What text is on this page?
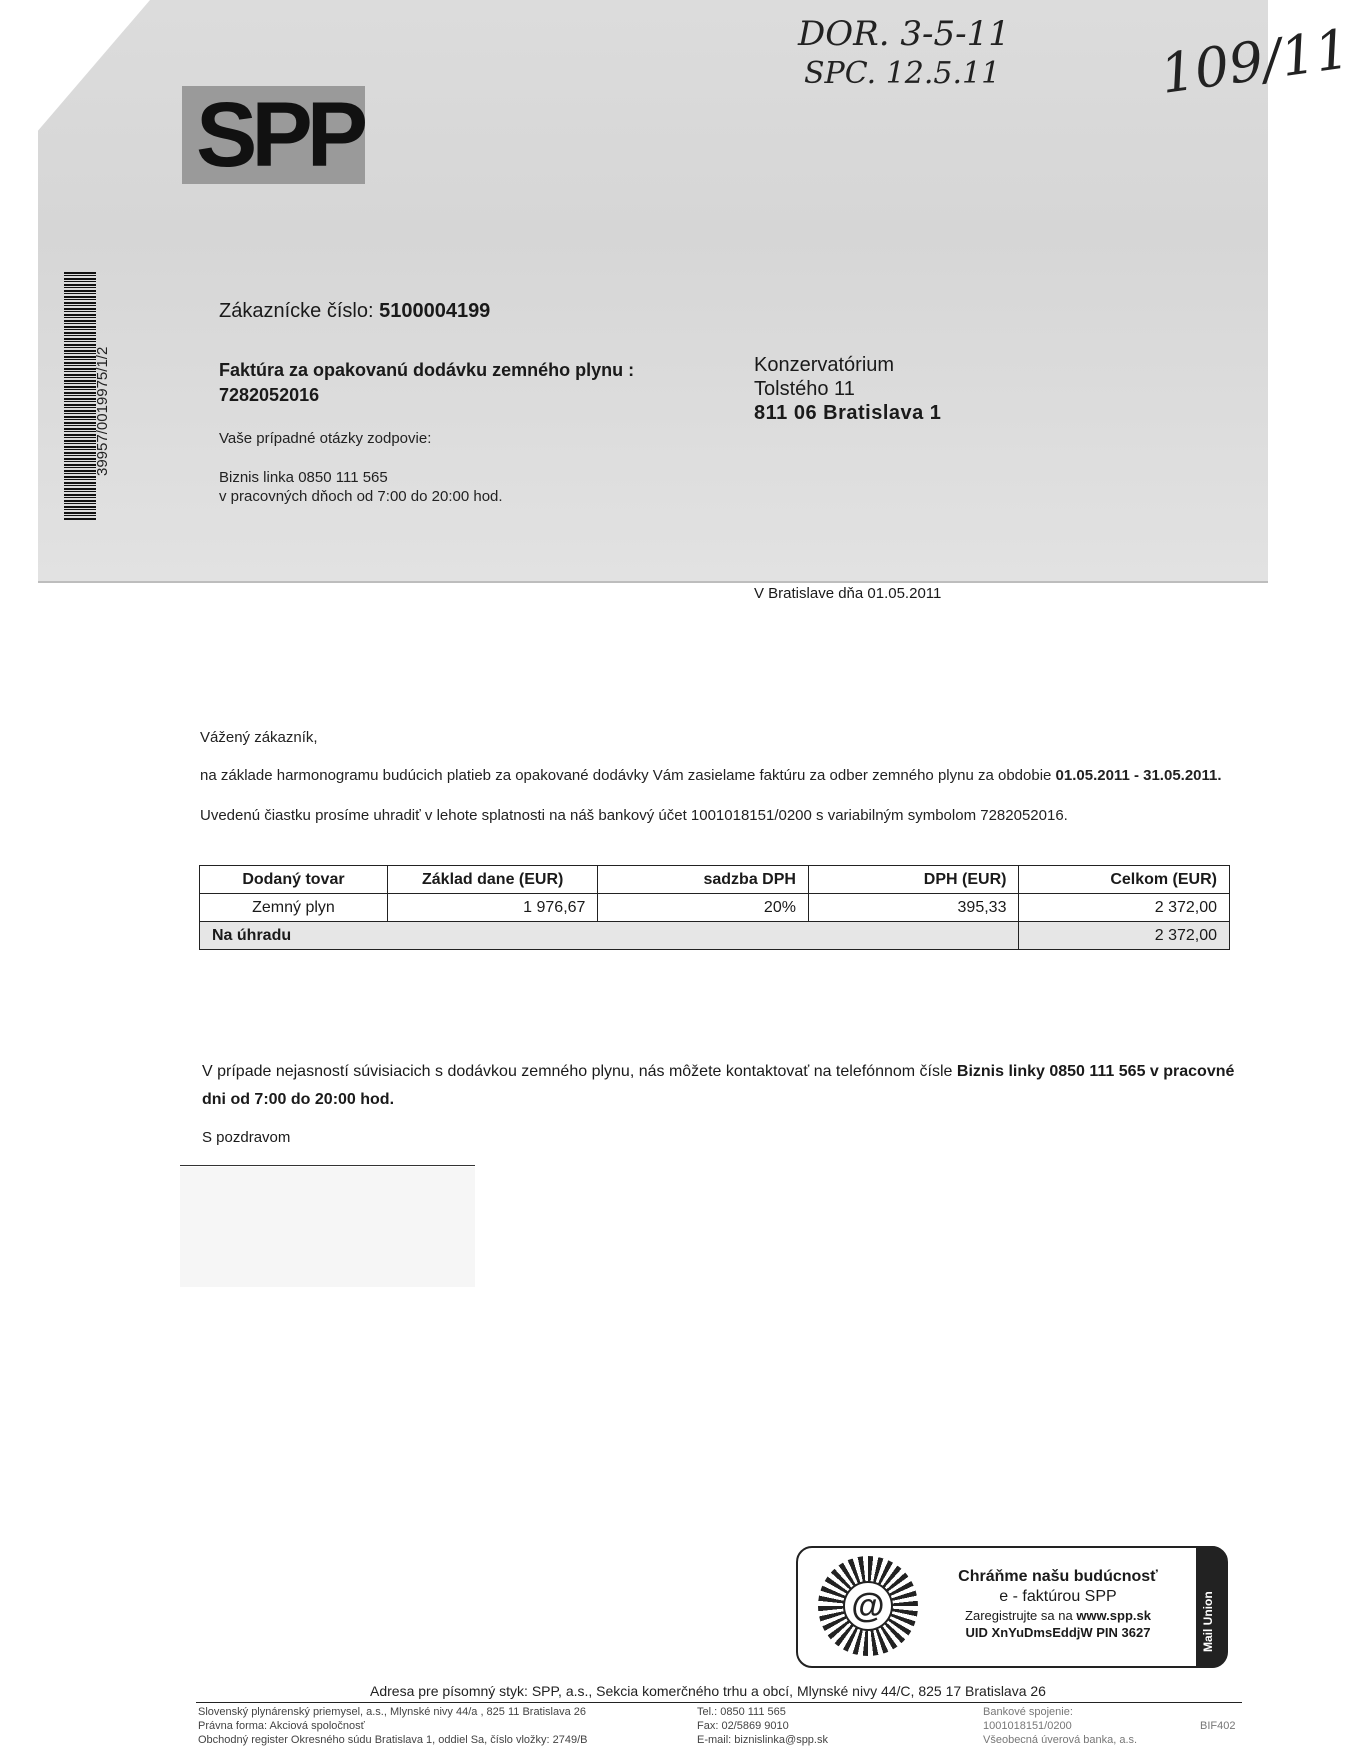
DOR. 3-5-11
SPC. 12.5.11	109/11
SPP
39957/0019975/1/2
Zákaznícke číslo: 5100004199
Faktúra za opakovanú dodávku zemného plynu :
7282052016
Vaše prípadné otázky zodpovie:
Biznis linka 0850 111 565
v pracovných dňoch od 7:00 do 20:00 hod.
Konzervatórium
Tolstého 11
811 06 Bratislava 1
V Bratislave dňa 01.05.2011
Vážený zákazník,
na základe harmonogramu budúcich platieb za opakované dodávky Vám zasielame faktúru za odber zemného plynu za obdobie 01.05.2011 - 31.05.2011.
Uvedenú čiastku prosíme uhradiť v lehote splatnosti na náš bankový účet 1001018151/0200 s variabilným symbolom 7282052016.
Dodaný tovar	Základ dane (EUR)	sadzba DPH	DPH (EUR)	Celkom (EUR)
Zemný plyn	1 976,67	20%	395,33	2 372,00
Na úhradu				2 372,00
V prípade nejasností súvisiacich s dodávkou zemného plynu, nás môžete kontaktovať na telefónnom čísle Biznis linky 0850 111 565 v pracovné dni od 7:00 do 20:00 hod.
S pozdravom
@
Chráňme našu budúcnosť
e - faktúrou SPP
Zaregistrujte sa na www.spp.sk
UID XnYuDmsEddjW PIN 3627	Mail Union
Adresa pre písomný styk: SPP, a.s., Sekcia komerčného trhu a obcí, Mlynské nivy 44/C, 825 17 Bratislava 26
Slovenský plynárenský priemysel, a.s., Mlynské nivy 44/a , 825 11 Bratislava 26
Právna forma: Akciová spoločnosť
Obchodný register Okresného súdu Bratislava 1, oddiel Sa, číslo vložky: 2749/B
Tel.: 0850 111 565
Fax: 02/5869 9010
E-mail: biznislinka@spp.sk
Bankové spojenie:
1001018151/0200
Všeobecná úverová banka, a.s.
BIF402
